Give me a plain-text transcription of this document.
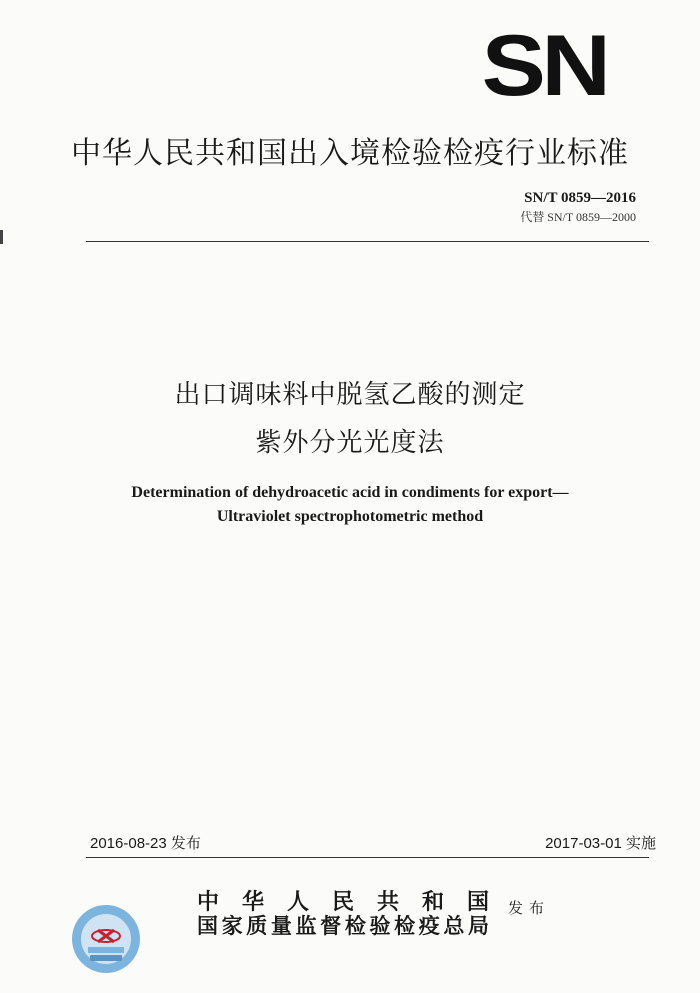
SN
中华人民共和国出入境检验检疫行业标准
SN/T 0859—2016
代替 SN/T 0859—2000
出口调味料中脱氢乙酸的测定
紫外分光光度法
Determination of dehydroacetic acid in condiments for export—
Ultraviolet spectrophotometric method
2016-08-23 发布	2017-03-01 实施
中华人民共和国
国家质量监督检验检疫总局
发布
